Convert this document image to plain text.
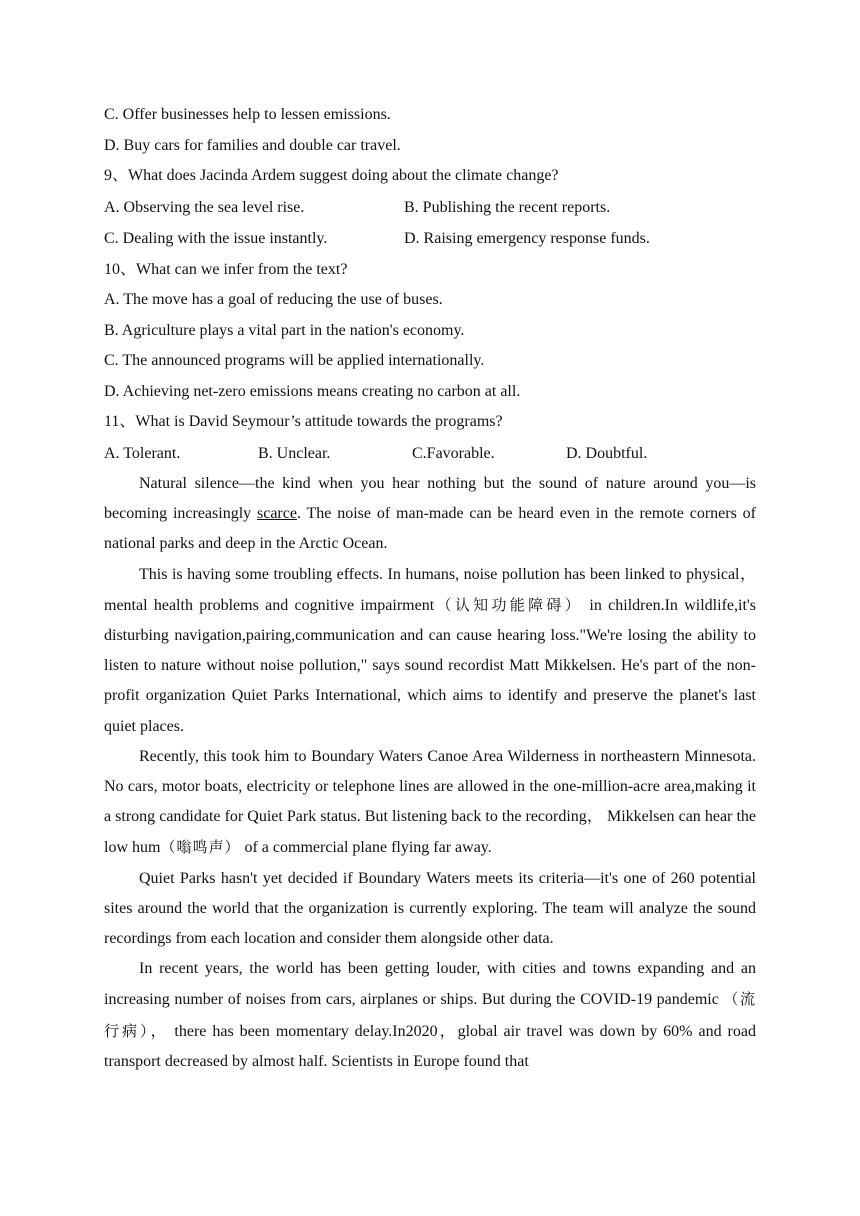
C. Offer businesses help to lessen emissions.
D. Buy cars for families and double car travel.
9、What does Jacinda Ardem suggest doing about the climate change?
A. Observing the sea level rise.	B. Publishing the recent reports.
C. Dealing with the issue instantly.	D. Raising emergency response funds.
10、What can we infer from the text?
A. The move has a goal of reducing the use of buses.
B. Agriculture plays a vital part in the nation's economy.
C. The announced programs will be applied internationally.
D. Achieving net-zero emissions means creating no carbon at all.
11、What is David Seymour’s attitude towards the programs?
A. Tolerant.	B. Unclear.	C.Favorable.	D. Doubtful.

Natural silence—the kind when you hear nothing but the sound of nature around you—is becoming increasingly scarce. The noise of man-made can be heard even in the remote corners of national parks and deep in the Arctic Ocean.

This is having some troubling effects. In humans, noise pollution has been linked to physical， mental health problems and cognitive impairment（认知功能障碍） in children.In wildlife,it's disturbing navigation,pairing,communication and can cause hearing loss."We're losing the ability to listen to nature without noise pollution," says sound recordist Matt Mikkelsen. He's part of the non-profit organization Quiet Parks International, which aims to identify and preserve the planet's last quiet places.

Recently, this took him to Boundary Waters Canoe Area Wilderness in northeastern Minnesota. No cars, motor boats, electricity or telephone lines are allowed in the one-million-acre area,making it a strong candidate for Quiet Park status. But listening back to the recording， Mikkelsen can hear the low hum（嗡鸣声） of a commercial plane flying far away.

Quiet Parks hasn't yet decided if Boundary Waters meets its criteria—it's one of 260 potential sites around the world that the organization is currently exploring. The team will analyze the sound recordings from each location and consider them alongside other data.

In recent years, the world has been getting louder, with cities and towns expanding and an increasing number of noises from cars, airplanes or ships. But during the COVID-19 pandemic （流行病）， there has been momentary delay.In2020，global air travel was down by 60% and road transport decreased by almost half. Scientists in Europe found that
